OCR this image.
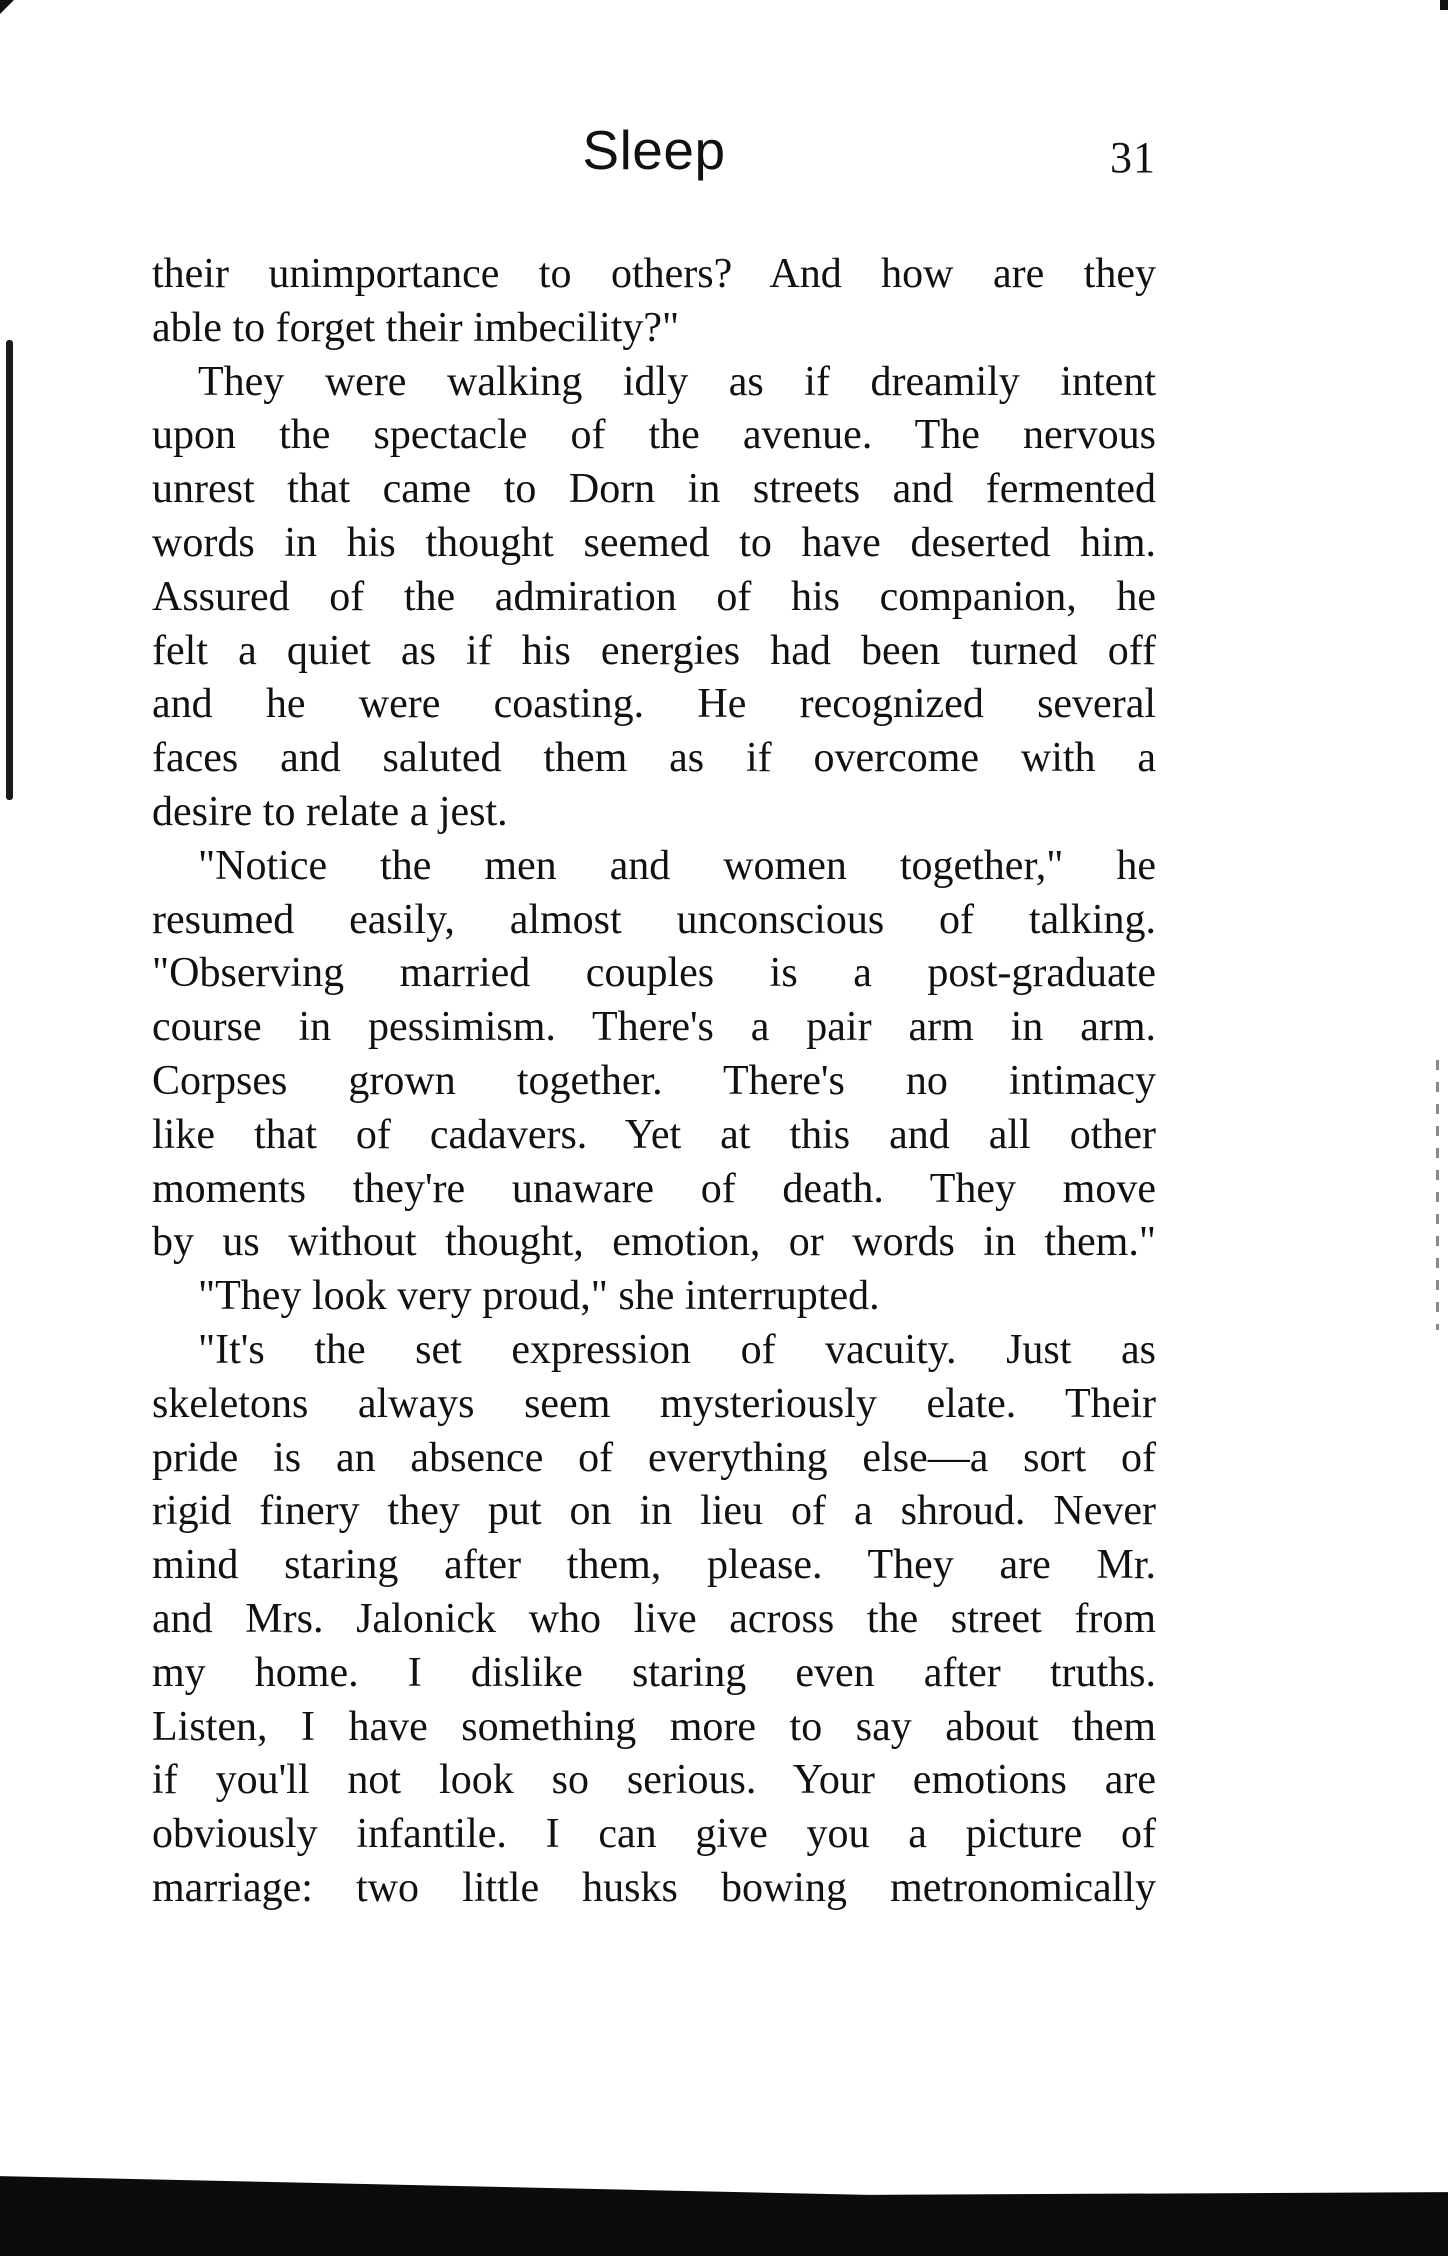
Sleep	31
their unimportance to others? And how are they
able to forget their imbecility?"
They were walking idly as if dreamily intent
upon the spectacle of the avenue. The nervous
unrest that came to Dorn in streets and fermented
words in his thought seemed to have deserted him.
Assured of the admiration of his companion, he
felt a quiet as if his energies had been turned off
and he were coasting. He recognized several
faces and saluted them as if overcome with a
desire to relate a jest.
"Notice the men and women together," he
resumed easily, almost unconscious of talking.
"Observing married couples is a post-graduate
course in pessimism. There's a pair arm in arm.
Corpses grown together. There's no intimacy
like that of cadavers. Yet at this and all other
moments they're unaware of death. They move
by us without thought, emotion, or words in them."
"They look very proud," she interrupted.
"It's the set expression of vacuity. Just as
skeletons always seem mysteriously elate. Their
pride is an absence of everything else—a sort of
rigid finery they put on in lieu of a shroud. Never
mind staring after them, please. They are Mr.
and Mrs. Jalonick who live across the street from
my home. I dislike staring even after truths.
Listen, I have something more to say about them
if you'll not look so serious. Your emotions are
obviously infantile. I can give you a picture of
marriage: two little husks bowing metronomically
